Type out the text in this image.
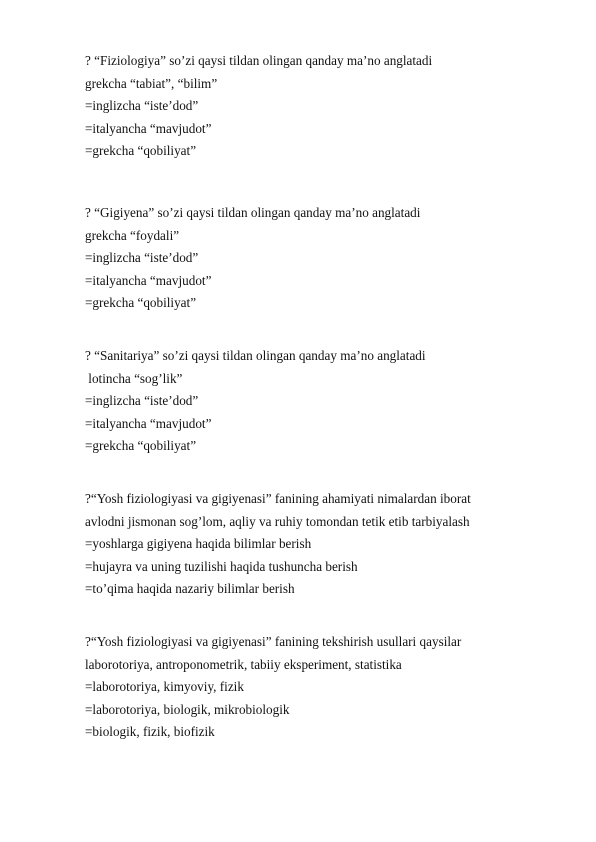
? “Fiziologiya” so’zi qaysi tildan olingan qanday ma’no anglatadi
grekcha “tabiat”, “bilim”
=inglizcha “iste’dod”
=italyancha “mavjudot”
=grekcha “qobiliyat”
? “Gigiyena” so’zi qaysi tildan olingan qanday ma’no anglatadi
grekcha “foydali”
=inglizcha “iste’dod”
=italyancha “mavjudot”
=grekcha “qobiliyat”
? “Sanitariya” so’zi qaysi tildan olingan qanday ma’no anglatadi
lotincha “sog’lik”
=inglizcha “iste’dod”
=italyancha “mavjudot”
=grekcha “qobiliyat”
?“Yosh fiziologiyasi va gigiyenasi” fanining ahamiyati nimalardan iborat
avlodni jismonan sog’lom, aqliy va ruhiy tomondan tetik etib tarbiyalash
=yoshlarga gigiyena haqida bilimlar berish
=hujayra va uning tuzilishi haqida tushuncha berish
=to’qima haqida nazariy bilimlar berish
?“Yosh fiziologiyasi va gigiyenasi” fanining tekshirish usullari qaysilar
laborotoriya, antroponometrik, tabiiy eksperiment, statistika
=laborotoriya, kimyoviy, fizik
=laborotoriya, biologik, mikrobiologik
=biologik, fizik, biofizik
